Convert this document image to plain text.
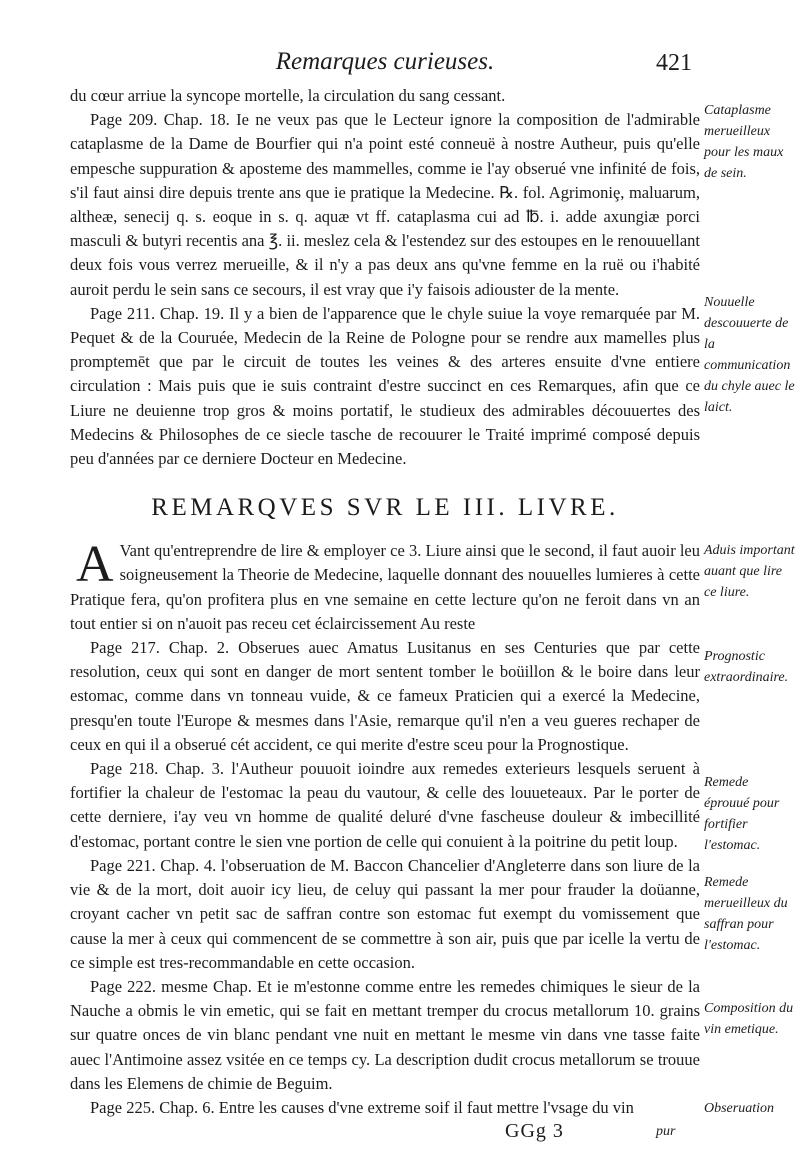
Remarques curieuses.	421

du cœur arriue la syncope mortelle, la circulation du sang cessant.

Page 209. Chap. 18. Ie ne veux pas que le Lecteur ignore la composition de l'admirable cataplasme de la Dame de Bourfier qui n'a point esté conneuë à nostre Autheur, puis qu'elle empesche suppuration & aposteme des mammelles, comme ie l'ay obserué vne infinité de fois, s'il faut ainsi dire depuis trente ans que ie pratique la Medecine. ℞. fol. Agrimoniȩ, maluarum, altheæ, senecij q. s. eoque in s. q. aquæ vt ff. cataplasma cui ad ℔. i. adde axungiæ porci masculi & butyri recentis ana ℥. ii. meslez cela & l'estendez sur des estoupes en le renouuellant deux fois vous verrez merueille, & il n'y a pas deux ans qu'vne femme en la ruë ou i'habité auroit perdu le sein sans ce secours, il est vray que i'y faisois adiouster de la mente.

Page 211. Chap. 19. Il y a bien de l'apparence que le chyle suiue la voye remarquée par M. Pequet & de la Couruée, Medecin de la Reine de Pologne pour se rendre aux mamelles plus promptemēt que par le circuit de toutes les veines & des arteres ensuite d'vne entiere circulation : Mais puis que ie suis contraint d'estre succinct en ces Remarques, afin que ce Liure ne deuienne trop gros & moins portatif, le studieux des admirables découuertes des Medecins & Philosophes de ce siecle tasche de recouurer le Traité imprimé composé depuis peu d'années par ce derniere Docteur en Medecine.

REMARQVES SVR LE III. LIVRE.

A Vant qu'entreprendre de lire & employer ce 3. Liure ainsi que le second, il faut auoir leu soigneusement la Theorie de Medecine, laquelle donnant des nouuelles lumieres à cette Pratique fera, qu'on profitera plus en vne semaine en cette lecture qu'on ne feroit dans vn an tout entier si on n'auoit pas receu cet éclaircissement Au reste

Page 217. Chap. 2. Obserues auec Amatus Lusitanus en ses Centuries que par cette resolution, ceux qui sont en danger de mort sentent tomber le boüillon & le boire dans leur estomac, comme dans vn tonneau vuide, & ce fameux Praticien qui a exercé la Medecine, presqu'en toute l'Europe & mesmes dans l'Asie, remarque qu'il n'en a veu gueres rechaper de ceux en qui il a obserué cét accident, ce qui merite d'estre sceu pour la Prognostique.

Page 218. Chap. 3. l'Autheur pouuoit ioindre aux remedes exterieurs lesquels seruent à fortifier la chaleur de l'estomac la peau du vautour, & celle des louueteaux. Par le porter de cette derniere, i'ay veu vn homme de qualité deluré d'vne fascheuse douleur & imbecillité d'estomac, portant contre le sien vne portion de celle qui conuient à la poitrine du petit loup.

Page 221. Chap. 4. l'obseruation de M. Baccon Chancelier d'Angleterre dans son liure de la vie & de la mort, doit auoir icy lieu, de celuy qui passant la mer pour frauder la doüanne, croyant cacher vn petit sac de saffran contre son estomac fut exempt du vomissement que cause la mer à ceux qui commencent de se commettre à son air, puis que par icelle la vertu de ce simple est tres-recommandable en cette occasion.

Page 222. mesme Chap. Et ie m'estonne comme entre les remedes chimiques le sieur de la Nauche a obmis le vin emetic, qui se fait en mettant tremper du crocus metallorum 10. grains sur quatre onces de vin blanc pendant vne nuit en mettant le mesme vin dans vne tasse faite auec l'Antimoine assez vsitée en ce temps cy. La description dudit crocus metallorum se trouue dans les Elemens de chimie de Beguim.

Page 225. Chap. 6. Entre les causes d'vne extreme soif il faut mettre l'vsage du vin

Cataplasme merueilleux pour les maux de sein.
Nouuelle descouuerte de la communication du chyle auec le laict.
Aduis important auant que lire ce liure.
Prognostic extraordinaire.
Remede éprouué pour fortifier l'estomac.
Remede merueilleux du saffran pour l'estomac.
Composition du vin emetique.
Obseruation
GGg 3	pur
